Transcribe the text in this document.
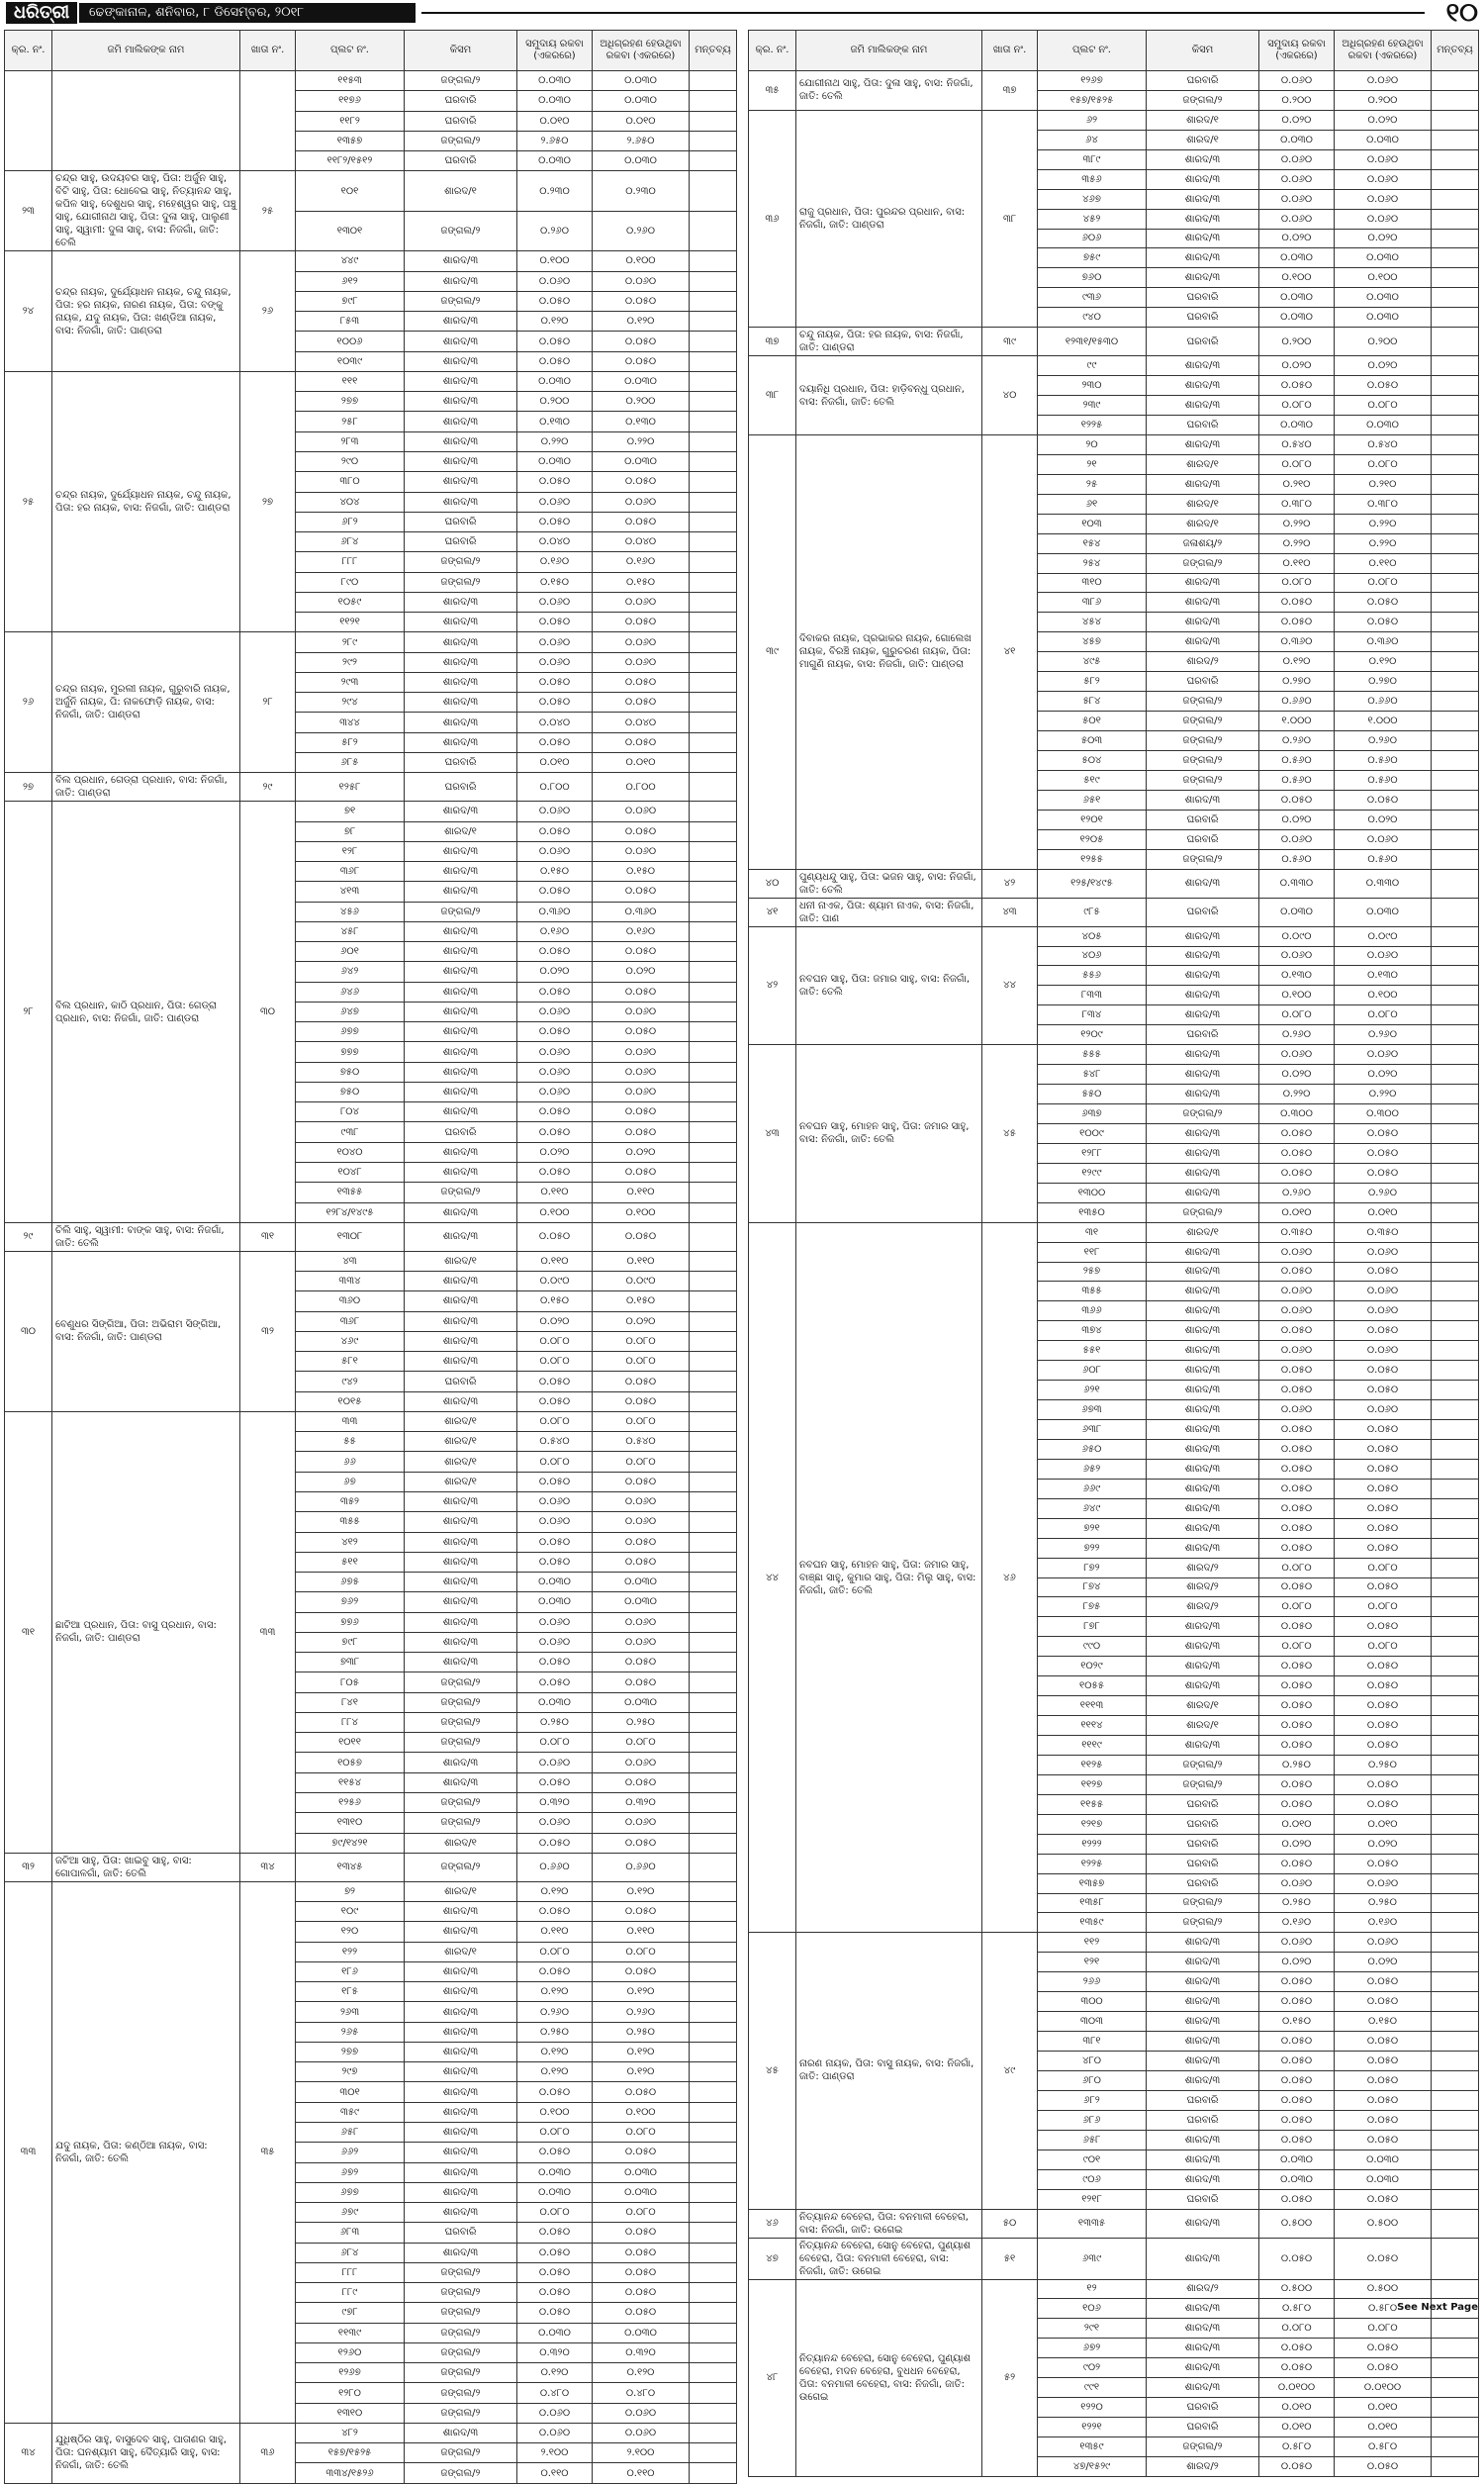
ଧରିତ୍ରୀ	ଢେଙ୍କାନାଳ, ଶନିବାର, ୮ ଡିସେମ୍ବର, ୨୦୧୮	୧୦
କ୍ର. ନଂ.	ଜମି ମାଲିକଙ୍କ ନାମ	ଖାତା ନଂ.	ପ୍ଲଟ ନଂ.	କିସମ	ସମୁଦାୟ ରକବା (ଏକରରେ)	ଅଧିଗ୍ରହଣ ହେଉଥିବା ରକବା (ଏକରରେ)	ମନ୍ତବ୍ୟ
			୧୧୫୩	ଜଙ୍ଗଲ/୨	୦.୦୩୦	୦.୦୩୦	
			୧୧୭୬	ଘରବାରି	୦.୦୩୦	୦.୦୩୦	
			୧୧୮୨	ଘରବାରି	୦.୦୧୦	୦.୦୧୦	
			୧୩୫୭	ଜଙ୍ଗଲ/୨	୨.୬୫୦	୨.୬୫୦	
			୧୧୮୨/୧୫୧୨	ଘରବାରି	୦.୦୩୦	୦.୦୩୦	
୨୩	ଚନ୍ଦ୍ର ସାହୁ, ଉଦୟବର ସାହୁ, ପିତା: ଅର୍ଜୁନ ସାହୁ, ବିଟି ସାହୁ, ପିତା: ଧୋବେଇ ସାହୁ, ନିତ୍ୟାନନ୍ଦ ସାହୁ, କପିଳ ସାହୁ, ଦେଶୁଧର ସାହୁ, ମହେଶ୍ୱର ସାହୁ, ପଞ୍ଚୁ ସାହୁ, ଯୋଗୀନାଥ ସାହୁ, ପିତା: ଦୁଳା ସାହୁ, ପାଲୁଣୀ ସାହୁ, ସ୍ୱାମୀ: ଦୁଳା ସାହୁ, ବାସ: ନିଜଗାଁ, ଜାତି: ତେଲି	୨୫	୧୦୧	ଶାରଦ/୧	୦.୨୩୦	୦.୨୩୦	
			୧୩୦୧	ଜଙ୍ଗଲ/୨	୦.୨୬୦	୦.୨୬୦	
୨୪	ଚନ୍ଦ୍ର ନାୟକ, ଦୁର୍ଯ୍ୟୋଧନ ନାୟକ, ଚନ୍ଦୁ ନାୟକ, ପିତା: ହର ନାୟକ, ନାରଣ ନାୟକ, ପିତା: ବଙ୍କୁ ନାୟକ, ଯଦୁ ନାୟକ, ପିତା: ଖଣ୍ଡିଆ ନାୟକ, ବାସ: ନିଜଗାଁ, ଜାତି: ପାଣ୍ଡରା	୨୬	୪୪୯	ଶାରଦ/୩	୦.୧୦୦	୦.୧୦୦	
			୬୧୨	ଶାରଦ/୩	୦.୦୬୦	୦.୦୬୦	
			୭୯୮	ଜଙ୍ଗଲ/୨	୦.୦୫୦	୦.୦୫୦	
			୮୫୩	ଶାରଦ/୩	୦.୧୨୦	୦.୧୨୦	
			୧୦୦୬	ଶାରଦ/୩	୦.୦୫୦	୦.୦୫୦	
			୧୦୩୯	ଶାରଦ/୩	୦.୦୫୦	୦.୦୫୦	
୨୫	ଚନ୍ଦ୍ର ନାୟକ, ଦୁର୍ଯ୍ୟୋଧନ ନାୟକ, ଚନ୍ଦୁ ନାୟକ, ପିତା: ହର ନାୟକ, ବାସ: ନିଜଗାଁ, ଜାତି: ପାଣ୍ଡରା	୨୭	୧୧୧	ଶାରଦ/୩	୦.୦୩୦	୦.୦୩୦	
			୨୭୭	ଶାରଦ/୩	୦.୨୦୦	୦.୨୦୦	
			୨୫୮	ଶାରଦ/୩	୦.୧୩୦	୦.୧୩୦	
			୨୮୩	ଶାରଦ/୩	୦.୨୨୦	୦.୨୨୦	
			୨୯୦	ଶାରଦ/୩	୦.୦୩୦	୦.୦୩୦	
			୩୮୦	ଶାରଦ/୩	୦.୦୫୦	୦.୦୫୦	
			୪୦୪	ଶାରଦ/୩	୦.୦୬୦	୦.୦୬୦	
			୬୮୨	ଘରବାରି	୦.୦୫୦	୦.୦୫୦	
			୬୮୪	ଘରବାରି	୦.୦୪୦	୦.୦୪୦	
			୮୮୮	ଜଙ୍ଗଲ/୨	୦.୧୬୦	୦.୧୬୦	
			୮୯୦	ଜଙ୍ଗଲ/୨	୦.୧୫୦	୦.୧୫୦	
			୧୦୫୯	ଶାରଦ/୩	୦.୦୬୦	୦.୦୬୦	
			୧୧୨୧	ଶାରଦ/୩	୦.୦୫୦	୦.୦୫୦	
୨୬	ଚନ୍ଦ୍ର ନାୟକ, ମୁରଲୀ ନାୟକ, ଗୁରୁବାରି ନାୟକ, ଅର୍ଜୁନି ନାୟକ, ପି: ନାକଫୋଡ଼ି ନାୟକ, ବାସ: ନିଜଗାଁ, ଜାତି: ପାଣ୍ଡରା	୨୮	୨୮୯	ଶାରଦ/୩	୦.୦୬୦	୦.୦୬୦	
			୨୯୨	ଶାରଦ/୩	୦.୦୬୦	୦.୦୬୦	
			୨୯୩	ଶାରଦ/୩	୦.୦୫୦	୦.୦୫୦	
			୨୯୪	ଶାରଦ/୩	୦.୦୫୦	୦.୦୫୦	
			୩୪୪	ଶାରଦ/୩	୦.୦୪୦	୦.୦୪୦	
			୫୮୨	ଶାରଦ/୩	୦.୦୫୦	୦.୦୫୦	
			୬୮୫	ଘରବାରି	୦.୦୧୦	୦.୦୧୦	
୨୭	ବିଲ ପ୍ରଧାନ, ଗେଡ୍ରା ପ୍ରଧାନ, ବାସ: ନିଜଗାଁ, ଜାତି: ପାଣ୍ଡରା	୨୯	୧୨୫୮	ଘରବାରି	୦.୮୦୦	୦.୮୦୦	
୨୮	ବିଲ ପ୍ରଧାନ, କାଠି ପ୍ରଧାନ, ପିତା: ଗେଡ୍ରା ପ୍ରଧାନ, ବାସ: ନିଜଗାଁ, ଜାତି: ପାଣ୍ଡରା	୩୦	୭୧	ଶାରଦ/୩	୦.୦୬୦	୦.୦୬୦	
			୭୮	ଶାରଦ/୧	୦.୦୫୦	୦.୦୫୦	
			୧୨୮	ଶାରଦ/୩	୦.୦୬୦	୦.୦୬୦	
			୩୬୮	ଶାରଦ/୩	୦.୧୫୦	୦.୧୫୦	
			୪୧୩	ଶାରଦ/୩	୦.୦୫୦	୦.୦୫୦	
			୪୫୬	ଜଙ୍ଗଲ/୨	୦.୩୬୦	୦.୩୬୦	
			୪୫୮	ଶାରଦ/୩	୦.୧୬୦	୦.୧୬୦	
			୬୦୧	ଶାରଦ/୩	୦.୦୫୦	୦.୦୫୦	
			୬୪୨	ଶାରଦ/୩	୦.୦୨୦	୦.୦୨୦	
			୬୪୬	ଶାରଦ/୩	୦.୦୫୦	୦.୦୫୦	
			୬୪୭	ଶାରଦ/୩	୦.୦୬୦	୦.୦୬୦	
			୬୭୭	ଶାରଦ/୩	୦.୦୫୦	୦.୦୫୦	
			୭୭୭	ଶାରଦ/୩	୦.୦୬୦	୦.୦୬୦	
			୭୫୦	ଶାରଦ/୩	୦.୦୬୦	୦.୦୬୦	
			୭୫୦	ଶାରଦ/୩	୦.୦୬୦	୦.୦୬୦	
			୮୦୪	ଶାରଦ/୩	୦.୦୫୦	୦.୦୫୦	
			୯୩୮	ଘରବାରି	୦.୦୫୦	୦.୦୫୦	
			୧୦୪୦	ଶାରଦ/୩	୦.୦୨୦	୦.୦୨୦	
			୧୦୪୮	ଶାରଦ/୩	୦.୦୫୦	୦.୦୫୦	
			୧୩୫୫	ଜଙ୍ଗଲ/୨	୦.୧୧୦	୦.୧୧୦	
			୧୨୮୪/୧୪୯୫	ଶାରଦ/୩	୦.୧୦୦	୦.୧୦୦	
୨୯	ଚିଲି ସାହୁ, ସ୍ୱାମୀ: ବାଙ୍କ ସାହୁ, ବାସ: ନିଜଗାଁ, ଜାତି: ତେଲି	୩୧	୧୩୦୮	ଶାରଦ/୩	୦.୦୫୦	୦.୦୫୦	
୩୦	ବେଣୁଧର ସିଙ୍ଗିଆ, ପିତା: ଅଭିରାମ ସିଙ୍ଗିଆ, ବାସ: ନିଜଗାଁ, ଜାତି: ପାଣ୍ଡରା	୩୨	୪୩	ଶାରଦ/୧	୦.୧୧୦	୦.୧୧୦	
			୩୩୪	ଶାରଦ/୩	୦.୦୯୦	୦.୦୯୦	
			୩୬୦	ଶାରଦ/୩	୦.୧୫୦	୦.୧୫୦	
			୩୬୮	ଶାରଦ/୩	୦.୦୨୦	୦.୦୨୦	
			୪୬୯	ଶାରଦ/୩	୦.୦୮୦	୦.୦୮୦	
			୫୮୧	ଶାରଦ/୩	୦.୦୮୦	୦.୦୮୦	
			୯୪୨	ଘରବାରି	୦.୦୫୦	୦.୦୫୦	
			୧୦୧୫	ଶାରଦ/୩	୦.୦୫୦	୦.୦୫୦	
୩୧	ଛାଟିଆ ପ୍ରଧାନ, ପିତା: ବାସୁ ପ୍ରଧାନ, ବାସ: ନିଜଗାଁ, ଜାତି: ପାଣ୍ଡରା	୩୩	୩୩	ଶାରଦ/୧	୦.୦୮୦	୦.୦୮୦	
			୫୫	ଶାରଦ/୧	୦.୫୪୦	୦.୫୪୦	
			୬୬	ଶାରଦ/୧	୦.୦୮୦	୦.୦୮୦	
			୬୭	ଶାରଦ/୧	୦.୦୫୦	୦.୦୫୦	
			୩୫୨	ଶାରଦ/୩	୦.୦୬୦	୦.୦୬୦	
			୩୫୫	ଶାରଦ/୩	୦.୦୬୦	୦.୦୬୦	
			୪୧୨	ଶାରଦ/୩	୦.୦୫୦	୦.୦୫୦	
			୫୧୧	ଶାରଦ/୩	୦.୦୫୦	୦.୦୫୦	
			୬୭୫	ଶାରଦ/୩	୦.୦୩୦	୦.୦୩୦	
			୭୬୨	ଶାରଦ/୩	୦.୦୩୦	୦.୦୩୦	
			୭୭୬	ଶାରଦ/୩	୦.୦୬୦	୦.୦୬୦	
			୭୯୮	ଶାରଦ/୩	୦.୦୬୦	୦.୦୬୦	
			୭୩୮	ଶାରଦ/୩	୦.୦୫୦	୦.୦୫୦	
			୮୦୫	ଜଙ୍ଗଲ/୨	୦.୦୫୦	୦.୦୫୦	
			୮୪୧	ଜଙ୍ଗଲ/୨	୦.୦୩୦	୦.୦୩୦	
			୮୮୪	ଜଙ୍ଗଲ/୨	୦.୨୫୦	୦.୨୫୦	
			୧୦୧୧	ଜଙ୍ଗଲ/୨	୦.୦୮୦	୦.୦୮୦	
			୧୦୫୭	ଶାରଦ/୩	୦.୦୬୦	୦.୦୬୦	
			୧୧୫୪	ଶାରଦ/୩	୦.୦୫୦	୦.୦୫୦	
			୧୨୫୬	ଜଙ୍ଗଲ/୨	୦.୩୨୦	୦.୩୨୦	
			୧୩୧୦	ଜଙ୍ଗଲ/୨	୦.୦୬୦	୦.୦୬୦	
			୭୯/୧୪୨୧	ଶାରଦ/୧	୦.୦୫୦	୦.୦୫୦	
୩୨	ଜଟିଆ ସାହୁ, ପିତା: ଖାଇବୁ ସାହୁ, ବାସ: ଗୋପାଳଗାଁ, ଜାତି: ତେଲି	୩୪	୧୩୪୫	ଜଙ୍ଗଲ/୨	୦.୬୬୦	୦.୬୬୦	
୩୩	ଯଦୁ ନାୟକ, ପିତା: କଣ୍ଠିଆ ନାୟକ, ବାସ: ନିଜଗାଁ, ଜାତି: ତେଲି	୩୫	୭୨	ଶାରଦ/୧	୦.୧୨୦	୦.୧୨୦	
			୧୦୯	ଶାରଦ/୩	୦.୦୫୦	୦.୦୫୦	
			୧୨୦	ଶାରଦ/୩	୦.୧୧୦	୦.୧୧୦	
			୧୨୨	ଶାରଦ/୧	୦.୦୮୦	୦.୦୮୦	
			୧୮୬	ଶାରଦ/୩	୦.୦୫୦	୦.୦୫୦	
			୧୮୫	ଶାରଦ/୩	୦.୧୨୦	୦.୧୨୦	
			୨୬୩	ଶାରଦ/୩	୦.୨୬୦	୦.୨୬୦	
			୨୬୫	ଶାରଦ/୩	୦.୨୫୦	୦.୨୫୦	
			୨୭୭	ଶାରଦ/୩	୦.୧୨୦	୦.୧୨୦	
			୨୯୭	ଶାରଦ/୩	୦.୧୨୦	୦.୧୨୦	
			୩୦୧	ଶାରଦ/୩	୦.୦୫୦	୦.୦୫୦	
			୩୫୯	ଶାରଦ/୩	୦.୧୦୦	୦.୧୦୦	
			୬୫୮	ଶାରଦ/୩	୦.୦୮୦	୦.୦୮୦	
			୬୬୨	ଶାରଦ/୩	୦.୦୫୦	୦.୦୫୦	
			୬୭୨	ଶାରଦ/୩	୦.୦୩୦	୦.୦୩୦	
			୬୭୭	ଶାରଦ/୩	୦.୦୩୦	୦.୦୩୦	
			୬୭୯	ଶାରଦ/୩	୦.୦୮୦	୦.୦୮୦	
			୬୮୩	ଘରବାରି	୦.୦୫୦	୦.୦୫୦	
			୬୮୪	ଶାରଦ/୩	୦.୦୫୦	୦.୦୫୦	
			୮୮୮	ଜଙ୍ଗଲ/୨	୦.୦୫୦	୦.୦୫୦	
			୮୮୯	ଜଙ୍ଗଲ/୨	୦.୦୫୦	୦.୦୫୦	
			୯୭୮	ଜଙ୍ଗଲ/୨	୦.୦୫୦	୦.୦୫୦	
			୧୧୩୯	ଜଙ୍ଗଲ/୨	୦.୦୩୦	୦.୦୩୦	
			୧୨୬୦	ଜଙ୍ଗଲ/୨	୦.୩୨୦	୦.୩୨୦	
			୧୨୬୭	ଜଙ୍ଗଲ/୨	୦.୧୨୦	୦.୧୨୦	
			୧୨୮୦	ଜଙ୍ଗଲ/୨	୦.୪୮୦	୦.୪୮୦	
			୧୩୧୦	ଜଙ୍ଗଲ/୨	୦.୦୬୦	୦.୦୬୦	
୩୪	ଯୁଧିଷ୍ଠିର ସାହୁ, ବାସୁଦେବ ସାହୁ, ପାତାଣର ସାହୁ, ପିତା: ଘନଶ୍ୟାମ ସାହୁ, ଦୈତ୍ୟାରି ସାହୁ, ବାସ: ନିଜଗାଁ, ଜାତି: ତେଲି	୩୬	୪୮୨	ଶାରଦ/୩	୦.୦୬୦	୦.୦୬୦	
			୧୫୭/୧୫୨୫	ଜଙ୍ଗଲ/୨	୨.୧୦୦	୨.୧୦୦	
			୩୩୪/୧୫୨୬	ଜଙ୍ଗଲ/୨	୦.୧୧୦	୦.୧୧୦	
କ୍ର. ନଂ.	ଜମି ମାଲିକଙ୍କ ନାମ	ଖାତା ନଂ.	ପ୍ଲଟ ନଂ.	କିସମ	ସମୁଦାୟ ରକବା (ଏକରରେ)	ଅଧିଗ୍ରହଣ ହେଉଥିବା ରକବା (ଏକରରେ)	ମନ୍ତବ୍ୟ
୩୫	ଯୋଗୀନାଥ ସାହୁ, ପିତା: ଦୁଳା ସାହୁ, ବାସ: ନିଜଗାଁ, ଜାତି: ତେଲି	୩୭	୧୨୬୭	ଘରବାରି	୦.୦୬୦	୦.୦୬୦	
			୧୫୭/୧୫୨୫	ଜଙ୍ଗଲ/୨	୦.୨୦୦	୦.୨୦୦	
୩୬	ରାଜୁ ପ୍ରଧାନ, ପିତା: ପୁରନ୍ଦର ପ୍ରଧାନ, ବାସ: ନିଜଗାଁ, ଜାତି: ପାଣ୍ଡରା	୩୮	୬୨	ଶାରଦ/୧	୦.୦୨୦	୦.୦୨୦	
			୬୪	ଶାରଦ/୧	୦.୦୩୦	୦.୦୩୦	
			୩୮୯	ଶାରଦ/୩	୦.୦୬୦	୦.୦୬୦	
			୩୫୬	ଶାରଦ/୩	୦.୦୬୦	୦.୦୬୦	
			୪୬୭	ଶାରଦ/୩	୦.୦୬୦	୦.୦୬୦	
			୪୫୨	ଶାରଦ/୩	୦.୦୬୦	୦.୦୬୦	
			୬୦୬	ଶାରଦ/୩	୦.୦୨୦	୦.୦୨୦	
			୭୫୯	ଶାରଦ/୩	୦.୦୩୦	୦.୦୩୦	
			୭୬୦	ଶାରଦ/୩	୦.୧୦୦	୦.୧୦୦	
			୯୩୬	ଘରବାରି	୦.୦୩୦	୦.୦୩୦	
			୯୪୦	ଘରବାରି	୦.୦୩୦	୦.୦୩୦	
୩୭	ଚନ୍ଦୁ ନାୟକ, ପିତା: ହର ନାୟକ, ବାସ: ନିଜଗାଁ, ଜାତି: ପାଣ୍ଡରା	୩୯	୧୨୩୧/୧୫୩୦	ଘରବାରି	୦.୨୦୦	୦.୨୦୦	
୩୮	ଦୟାନିଧି ପ୍ରଧାନ, ପିତା: ହାଡ଼ିବନ୍ଧୁ ପ୍ରଧାନ, ବାସ: ନିଜଗାଁ, ଜାତି: ତେଲି	୪୦	୯୯	ଶାରଦ/୩	୦.୦୨୦	୦.୦୨୦	
			୨୩୦	ଶାରଦ/୩	୦.୦୫୦	୦.୦୫୦	
			୨୩୯	ଶାରଦ/୩	୦.୦୮୦	୦.୦୮୦	
			୧୨୨୫	ଘରବାରି	୦.୦୩୦	୦.୦୩୦	
୩୯	ଦିବାକର ନାୟକ, ପ୍ରଭାକର ନାୟକ, ଗୋଲେଖ ନାୟକ, ବିରଞ୍ଚି ନାୟକ, ଗୁରୁଚରଣ ନାୟକ, ପିତା: ମାଗୁଣି ନାୟକ, ବାସ: ନିଜଗାଁ, ଜାତି: ପାଣ୍ଡରା	୪୧	୨୦	ଶାରଦ/୩	୦.୫୪୦	୦.୫୪୦	
			୨୧	ଶାରଦ/୧	୦.୦୮୦	୦.୦୮୦	
			୨୫	ଶାରଦ/୩	୦.୨୧୦	୦.୨୧୦	
			୬୧	ଶାରଦ/୧	୦.୩୮୦	୦.୩୮୦	
			୧୦୩	ଶାରଦ/୧	୦.୨୨୦	୦.୨୨୦	
			୧୫୪	ଜଳାଶୟ/୨	୦.୨୨୦	୦.୨୨୦	
			୨୫୪	ଜଙ୍ଗଲ/୨	୦.୧୧୦	୦.୧୧୦	
			୩୧୦	ଶାରଦ/୩	୦.୦୮୦	୦.୦୮୦	
			୩୮୬	ଶାରଦ/୩	୦.୦୫୦	୦.୦୫୦	
			୪୫୪	ଶାରଦ/୩	୦.୦୫୦	୦.୦୫୦	
			୪୫୭	ଶାରଦ/୩	୦.୩୬୦	୦.୩୬୦	
			୪୯୫	ଶାରଦ/୨	୦.୧୨୦	୦.୧୨୦	
			୫୮୨	ଘରବାରି	୦.୨୭୦	୦.୨୭୦	
			୫୮୪	ଜଙ୍ଗଲ/୨	୦.୬୬୦	୦.୬୬୦	
			୫୦୧	ଜଙ୍ଗଲ/୨	୧.୦୦୦	୧.୦୦୦	
			୫୦୩	ଜଙ୍ଗଲ/୨	୦.୨୬୦	୦.୨୬୦	
			୫୦୪	ଜଙ୍ଗଲ/୨	୦.୫୬୦	୦.୫୬୦	
			୫୧୯	ଜଙ୍ଗଲ/୨	୦.୫୬୦	୦.୫୬୦	
			୬୫୧	ଶାରଦ/୩	୦.୦୫୦	୦.୦୫୦	
			୧୨୦୧	ଘରବାରି	୦.୦୨୦	୦.୦୨୦	
			୧୨୦୫	ଘରବାରି	୦.୦୬୦	୦.୦୬୦	
			୧୨୫୫	ଜଙ୍ଗଲ/୨	୦.୫୬୦	୦.୫୬୦	
୪୦	ପୁଣ୍ୟଧନ୍ଦୁ ସାହୁ, ପିତା: ଭଜନ ସାହୁ, ବାସ: ନିଜଗାଁ, ଜାତି: ତେଲି	୪୨	୧୨୫/୧୪୯୫	ଶାରଦ/୩	୦.୩୩୦	୦.୩୩୦	
୪୧	ଧନୀ ନାଏକ, ପିତା: ଶ୍ୟାମ ନାଏକ, ବାସ: ନିଜଗାଁ, ଜାତି: ପାଣ	୪୩	୯୮୫	ଘରବାରି	୦.୦୩୦	୦.୦୩୦	
୪୨	ନବଘନ ସାହୁ, ପିତା: ଜମାର ସାହୁ, ବାସ: ନିଜଗାଁ, ଜାତି: ତେଲି	୪୪	୪୦୫	ଶାରଦ/୩	୦.୦୯୦	୦.୦୯୦	
			୪୦୬	ଶାରଦ/୩	୦.୦୬୦	୦.୦୬୦	
			୫୫୬	ଶାରଦ/୩	୦.୧୩୦	୦.୧୩୦	
			୮୩୩	ଶାରଦ/୩	୦.୧୦୦	୦.୧୦୦	
			୮୩୪	ଶାରଦ/୩	୦.୦୮୦	୦.୦୮୦	
			୧୨୦୯	ଘରବାରି	୦.୨୬୦	୦.୨୬୦	
୪୩	ନବଘନ ସାହୁ, ମୋହନ ସାହୁ, ପିତା: ଜମାର ସାହୁ, ବାସ: ନିଜଗାଁ, ଜାତି: ତେଲି	୪୫	୫୫୫	ଶାରଦ/୩	୦.୦୬୦	୦.୦୬୦	
			୫୪୮	ଶାରଦ/୩	୦.୦୨୦	୦.୦୨୦	
			୫୫୦	ଶାରଦ/୩	୦.୨୨୦	୦.୨୨୦	
			୬୩୭	ଜଙ୍ଗଲ/୨	୦.୩୦୦	୦.୩୦୦	
			୧୦୦୯	ଶାରଦ/୩	୦.୦୫୦	୦.୦୫୦	
			୧୨୮୮	ଶାରଦ/୩	୦.୦୫୦	୦.୦୫୦	
			୧୨୯୯	ଶାରଦ/୩	୦.୦୫୦	୦.୦୫୦	
			୧୩୦୦	ଶାରଦ/୩	୦.୨୬୦	୦.୨୬୦	
			୧୩୫୦	ଜଙ୍ଗଲ/୨	୦.୦୧୦	୦.୦୧୦	
୪୪	ନବଘନ ସାହୁ, ମୋହନ ସାହୁ, ପିତା: ଜମାର ସାହୁ, ବାଞ୍ଛା ସାହୁ, କୁମାର ସାହୁ, ପିତା: ମିଲୁ ସାହୁ, ବାସ: ନିଜଗାଁ, ଜାତି: ତେଲି	୪୬	୩୧	ଶାରଦ/୧	୦.୩୫୦	୦.୩୫୦	
			୧୧୮	ଶାରଦ/୩	୦.୦୬୦	୦.୦୬୦	
			୨୫୭	ଶାରଦ/୩	୦.୦୫୦	୦.୦୫୦	
			୩୫୫	ଶାରଦ/୩	୦.୦୬୦	୦.୦୬୦	
			୩୬୬	ଶାରଦ/୩	୦.୦୬୦	୦.୦୬୦	
			୩୭୪	ଶାରଦ/୩	୦.୦୫୦	୦.୦୫୦	
			୫୫୧	ଶାରଦ/୩	୦.୦୬୦	୦.୦୬୦	
			୬୦୮	ଶାରଦ/୩	୦.୦୫୦	୦.୦୫୦	
			୬୨୧	ଶାରଦ/୩	୦.୦୫୦	୦.୦୫୦	
			୬୭୩	ଶାରଦ/୩	୦.୦୬୦	୦.୦୬୦	
			୬୩୮	ଶାରଦ/୩	୦.୦୫୦	୦.୦୫୦	
			୬୫୦	ଶାରଦ/୩	୦.୦୫୦	୦.୦୫୦	
			୬୫୨	ଶାରଦ/୩	୦.୦୫୦	୦.୦୫୦	
			୬୬୯	ଶାରଦ/୩	୦.୦୫୦	୦.୦୫୦	
			୬୪୯	ଶାରଦ/୩	୦.୦୫୦	୦.୦୫୦	
			୭୨୧	ଶାରଦ/୩	୦.୦୫୦	୦.୦୫୦	
			୭୨୨	ଶାରଦ/୩	୦.୦୫୦	୦.୦୫୦	
			୮୭୨	ଶାରଦ/୨	୦.୦୮୦	୦.୦୮୦	
			୮୭୪	ଶାରଦ/୨	୦.୦୫୦	୦.୦୫୦	
			୮୭୫	ଶାରଦ/୨	୦.୦୮୦	୦.୦୮୦	
			୮୭୮	ଶାରଦ/୩	୦.୦୫୦	୦.୦୫୦	
			୯୯୦	ଶାରଦ/୩	୦.୦୮୦	୦.୦୮୦	
			୧୦୨୯	ଶାରଦ/୩	୦.୦୫୦	୦.୦୫୦	
			୧୦୫୫	ଶାରଦ/୩	୦.୦୫୦	୦.୦୫୦	
			୧୧୧୩	ଶାରଦ/୧	୦.୦୫୦	୦.୦୫୦	
			୧୧୧୪	ଶାରଦ/୧	୦.୦୫୦	୦.୦୫୦	
			୧୧୧୯	ଶାରଦ/୩	୦.୦୫୦	୦.୦୫୦	
			୧୧୨୫	ଜଙ୍ଗଲ/୨	୦.୨୫୦	୦.୨୫୦	
			୧୧୨୭	ଜଙ୍ଗଲ/୨	୦.୦୫୦	୦.୦୫୦	
			୧୧୫୫	ଘରବାରି	୦.୦୫୦	୦.୦୫୦	
			୧୨୧୭	ଘରବାରି	୦.୦୧୦	୦.୦୧୦	
			୧୨୨୨	ଘରବାରି	୦.୦୨୦	୦.୦୨୦	
			୧୨୨୫	ଘରବାରି	୦.୦୫୦	୦.୦୫୦	
			୧୩୫୭	ଘରବାରି	୦.୦୬୦	୦.୦୬୦	
			୧୩୫୮	ଜଙ୍ଗଲ/୨	୦.୨୫୦	୦.୨୫୦	
			୧୩୫୯	ଜଙ୍ଗଲ/୨	୦.୧୬୦	୦.୧୬୦	
୪୫	ନାରଣ ନାୟକ, ପିତା: ବାସୁ ନାୟକ, ବାସ: ନିଜଗାଁ, ଜାତି: ପାଣ୍ଡରା	୪୯	୧୧୨	ଶାରଦ/୩	୦.୦୬୦	୦.୦୬୦	
			୧୨୧	ଶାରଦ/୩	୦.୦୨୦	୦.୦୨୦	
			୨୬୬	ଶାରଦ/୩	୦.୦୫୦	୦.୦୫୦	
			୩୦୦	ଶାରଦ/୩	୦.୦୫୦	୦.୦୫୦	
			୩୦୩	ଶାରଦ/୩	୦.୧୫୦	୦.୧୫୦	
			୩୮୧	ଶାରଦ/୩	୦.୦୫୦	୦.୦୫୦	
			୪୮୦	ଶାରଦ/୩	୦.୦୫୦	୦.୦୫୦	
			୬୮୦	ଶାରଦ/୩	୦.୦୫୦	୦.୦୫୦	
			୬୮୨	ଘରବାରି	୦.୦୫୦	୦.୦୫୦	
			୬୮୬	ଘରବାରି	୦.୦୫୦	୦.୦୫୦	
			୬୫୮	ଶାରଦ/୩	୦.୦୫୦	୦.୦୫୦	
			୯୦୧	ଶାରଦ/୩	୦.୦୩୦	୦.୦୩୦	
			୯୦୬	ଶାରଦ/୩	୦.୦୩୦	୦.୦୩୦	
			୧୨୧୮	ଘରବାରି	୦.୦୫୦	୦.୦୫୦	
୪୬	ନିତ୍ୟାନନ୍ଦ ବେହେରା, ପିତା: ବନମାଳୀ ବେହେରା, ବାସ: ନିଜଗାଁ, ଜାତି: ଉଗେଇ	୫୦	୧୩୩୫	ଶାରଦ/୩	୦.୫୦୦	୦.୫୦୦	
୪୭	ନିତ୍ୟାନନ୍ଦ ବେହେରା, ସୋନୁ ବେହେରା, ପୁଣ୍ୟାଶ ବେହେରା, ପିତା: ବନମାଳୀ ବେହେରା, ବାସ: ନିଜଗାଁ, ଜାତି: ଉଗେଇ	୫୧	୬୩୯	ଶାରଦ/୩	୦.୦୫୦	୦.୦୫୦	
୪୮	ନିତ୍ୟାନନ୍ଦ ବେହେରା, ସୋନୁ ବେହେରା, ପୁଣ୍ୟାଶ ବେହେରା, ମଦନ ବେହେରା, ବୁଧଧନ ବେହେରା, ପିତା: ବନମାଳୀ ବେହେରା, ବାସ: ନିଜଗାଁ, ଜାତି: ଉଗେଇ	୫୨	୧୨	ଶାରଦ/୨	୦.୫୦୦	୦.୫୦୦	
			୧୦୬	ଶାରଦ/୩	୦.୫୮୦	୦.୫୮୦	
			୨୯୧	ଶାରଦ/୩	୦.୦୮୦	୦.୦୮୦	
			୬୭୨	ଶାରଦ/୩	୦.୦୫୦	୦.୦୫୦	
			୯୦୨	ଶାରଦ/୩	୦.୦୫୦	୦.୦୫୦	
			୯୯୧	ଶାରଦ/୩	୦.୦୧୦୦	୦.୦୧୦୦	
			୧୨୨୦	ଘରବାରି	୦.୦୧୦	୦.୦୧୦	
			୧୨୨୧	ଘରବାରି	୦.୦୧୦	୦.୦୧୦	
			୧୩୫୯	ଜଙ୍ଗଲ/୨	୦.୫୮୦	୦.୫୮୦	
			୪୭/୧୫୨୯	ଶାରଦ/୨	୦.୦୫୦	୦.୦୫୦	
See Next Page
